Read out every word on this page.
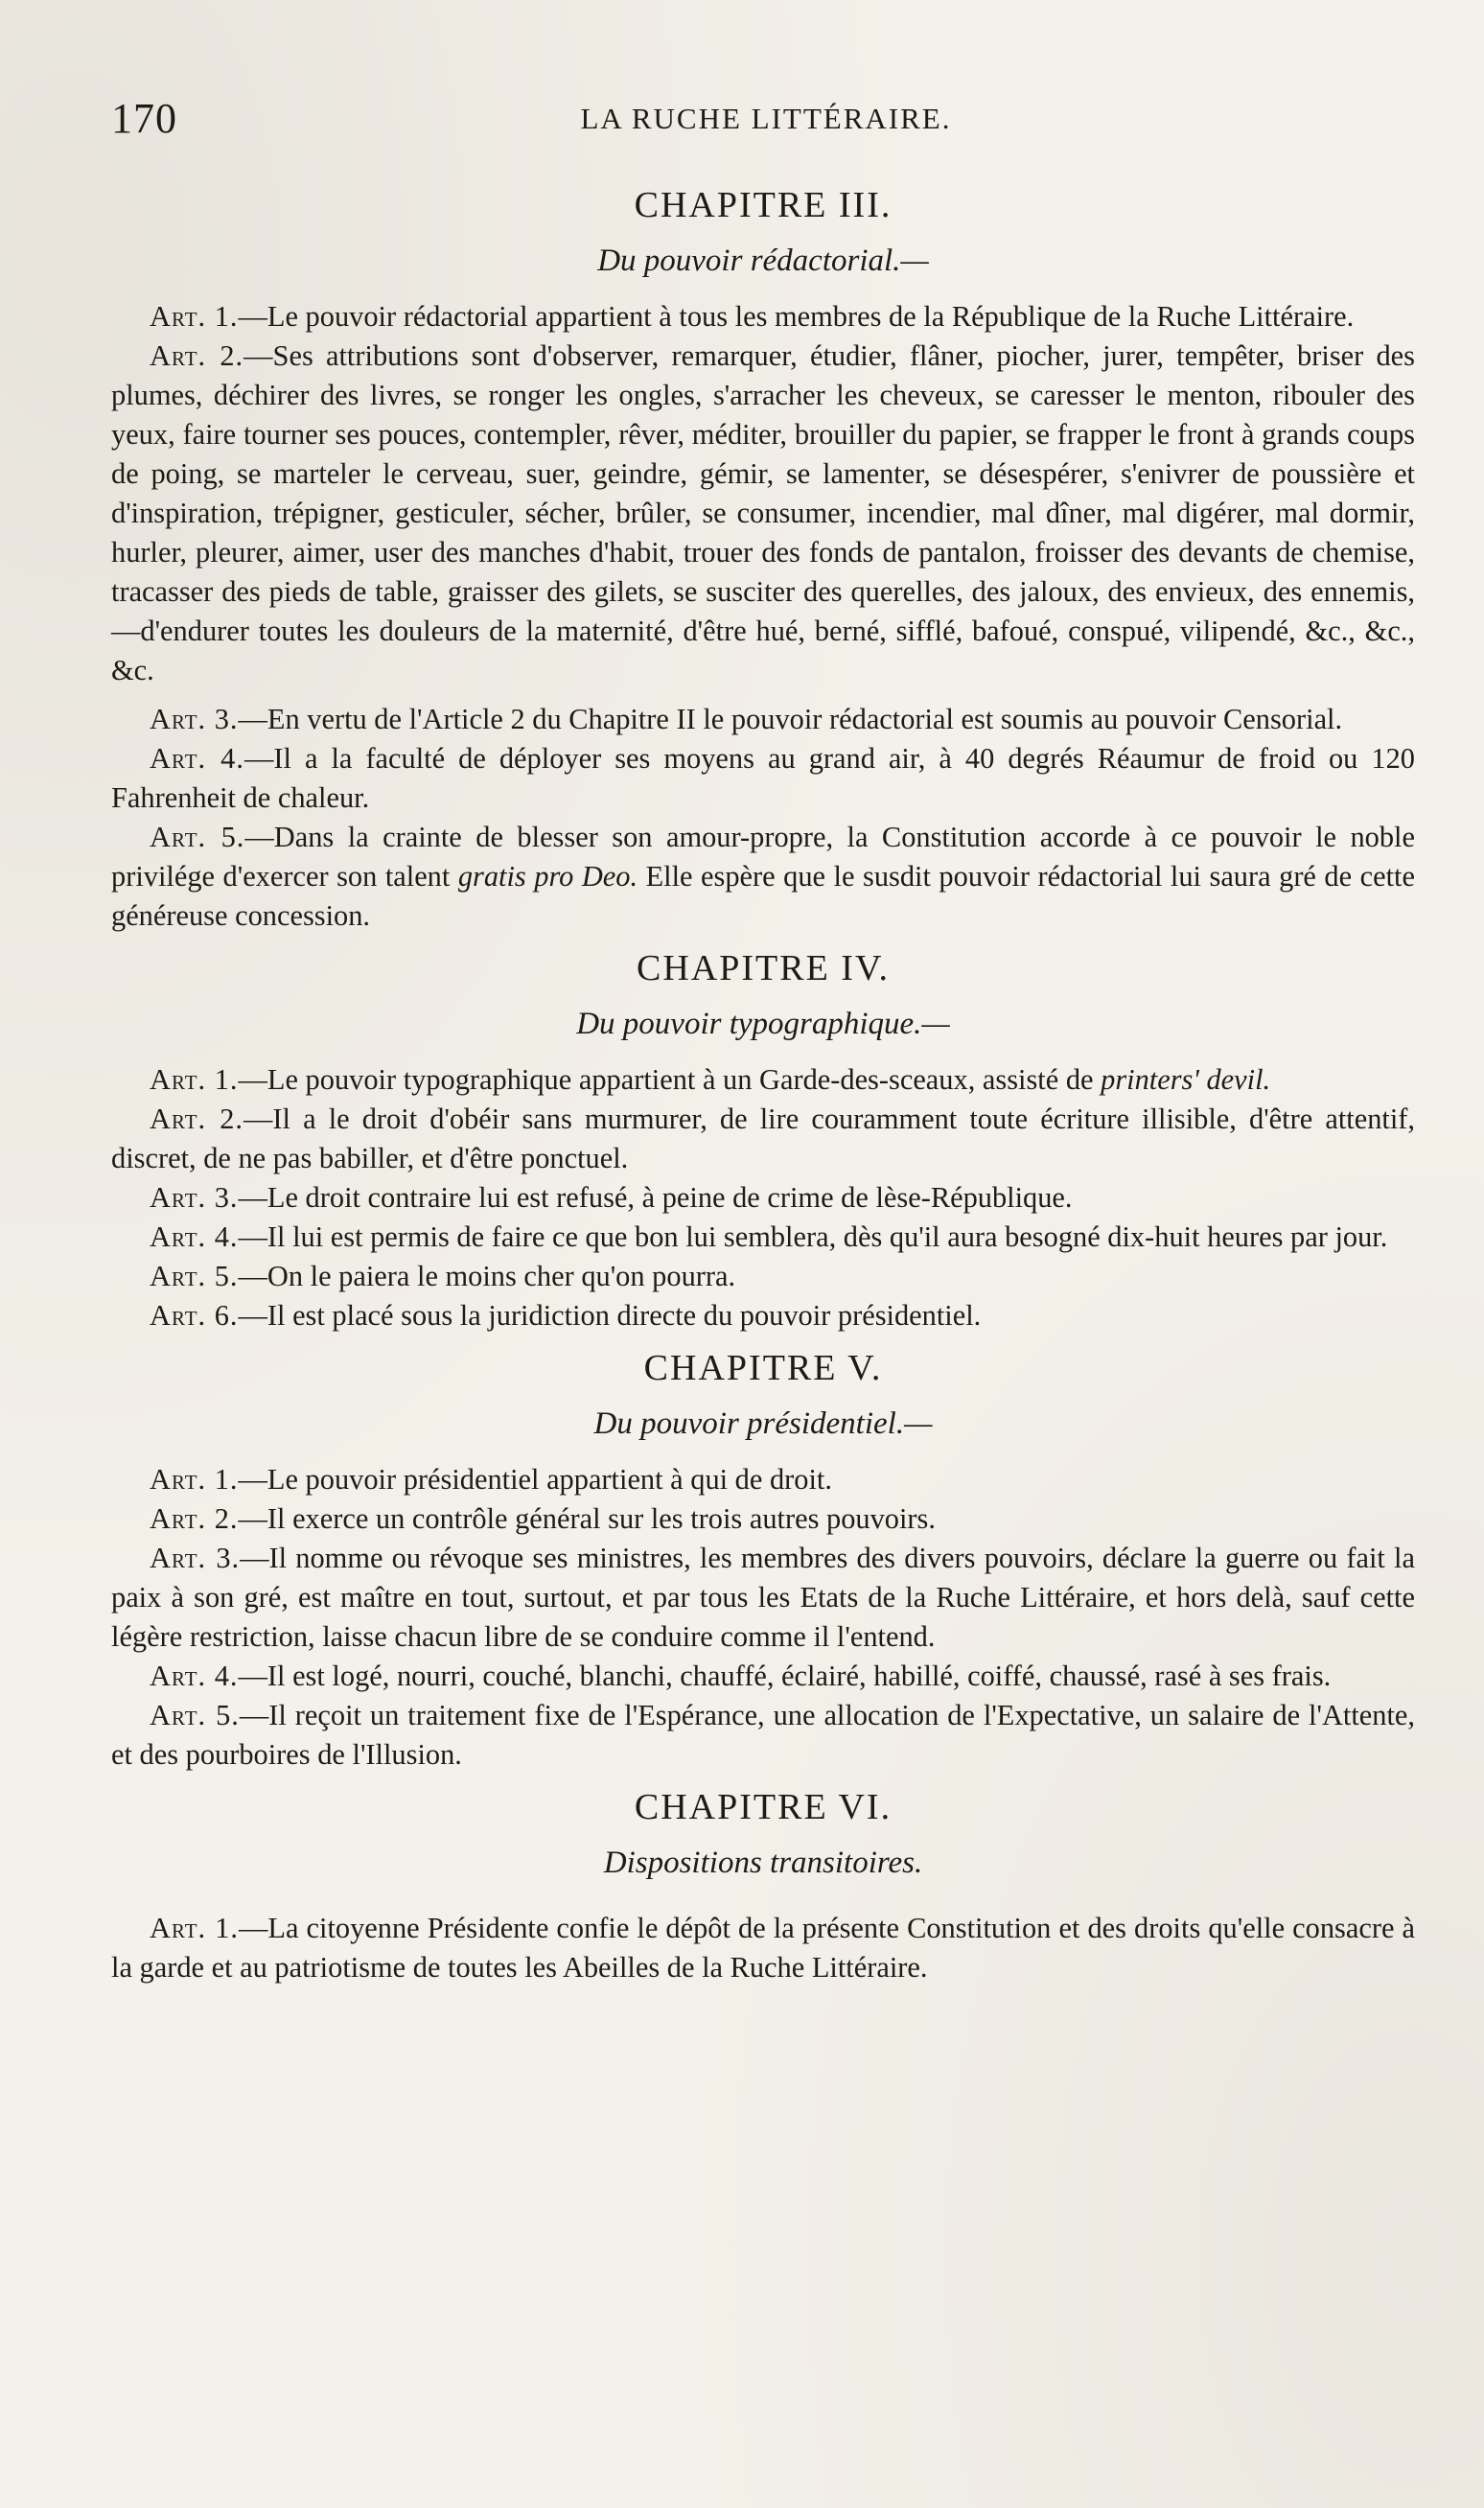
170	LA RUCHE LITTÉRAIRE.
CHAPITRE III.
Du pouvoir rédactorial.—

Art. 1.—Le pouvoir rédactorial appartient à tous les membres de la République de la Ruche Littéraire.

Art. 2.—Ses attributions sont d'observer, remarquer, étudier, flâner, piocher, jurer, tempêter, briser des plumes, déchirer des livres, se ronger les ongles, s'arracher les cheveux, se caresser le menton, ribouler des yeux, faire tourner ses pouces, contempler, rêver, méditer, brouiller du papier, se frapper le front à grands coups de poing, se marteler le cerveau, suer, geindre, gémir, se lamenter, se désespérer, s'enivrer de poussière et d'inspiration, trépigner, gesticuler, sécher, brûler, se consumer, incendier, mal dîner, mal digérer, mal dormir, hurler, pleurer, aimer, user des manches d'habit, trouer des fonds de pantalon, froisser des devants de chemise, tracasser des pieds de table, graisser des gilets, se susciter des querelles, des jaloux, des envieux, des ennemis,—d'endurer toutes les douleurs de la maternité, d'être hué, berné, sifflé, bafoué, conspué, vilipendé, &c., &c., &c.

Art. 3.—En vertu de l'Article 2 du Chapitre II le pouvoir rédactorial est soumis au pouvoir Censorial.

Art. 4.—Il a la faculté de déployer ses moyens au grand air, à 40 degrés Réaumur de froid ou 120 Fahrenheit de chaleur.

Art. 5.—Dans la crainte de blesser son amour-propre, la Constitution accorde à ce pouvoir le noble privilége d'exercer son talent gratis pro Deo. Elle espère que le susdit pouvoir rédactorial lui saura gré de cette généreuse concession.

CHAPITRE IV.
Du pouvoir typographique.—

Art. 1.—Le pouvoir typographique appartient à un Garde-des-sceaux, assisté de printers' devil.

Art. 2.—Il a le droit d'obéir sans murmurer, de lire couramment toute écriture illisible, d'être attentif, discret, de ne pas babiller, et d'être ponctuel.

Art. 3.—Le droit contraire lui est refusé, à peine de crime de lèse-République.

Art. 4.—Il lui est permis de faire ce que bon lui semblera, dès qu'il aura besogné dix-huit heures par jour.

Art. 5.—On le paiera le moins cher qu'on pourra.

Art. 6.—Il est placé sous la juridiction directe du pouvoir présidentiel.

CHAPITRE V.
Du pouvoir présidentiel.—

Art. 1.—Le pouvoir présidentiel appartient à qui de droit.

Art. 2.—Il exerce un contrôle général sur les trois autres pouvoirs.

Art. 3.—Il nomme ou révoque ses ministres, les membres des divers pouvoirs, déclare la guerre ou fait la paix à son gré, est maître en tout, surtout, et par tous les Etats de la Ruche Littéraire, et hors delà, sauf cette légère restriction, laisse chacun libre de se conduire comme il l'entend.

Art. 4.—Il est logé, nourri, couché, blanchi, chauffé, éclairé, habillé, coiffé, chaussé, rasé à ses frais.

Art. 5.—Il reçoit un traitement fixe de l'Espérance, une allocation de l'Expectative, un salaire de l'Attente, et des pourboires de l'Illusion.

CHAPITRE VI.
Dispositions transitoires.

Art. 1.—La citoyenne Présidente confie le dépôt de la présente Constitution et des droits qu'elle consacre à la garde et au patriotisme de toutes les Abeilles de la Ruche Littéraire.
